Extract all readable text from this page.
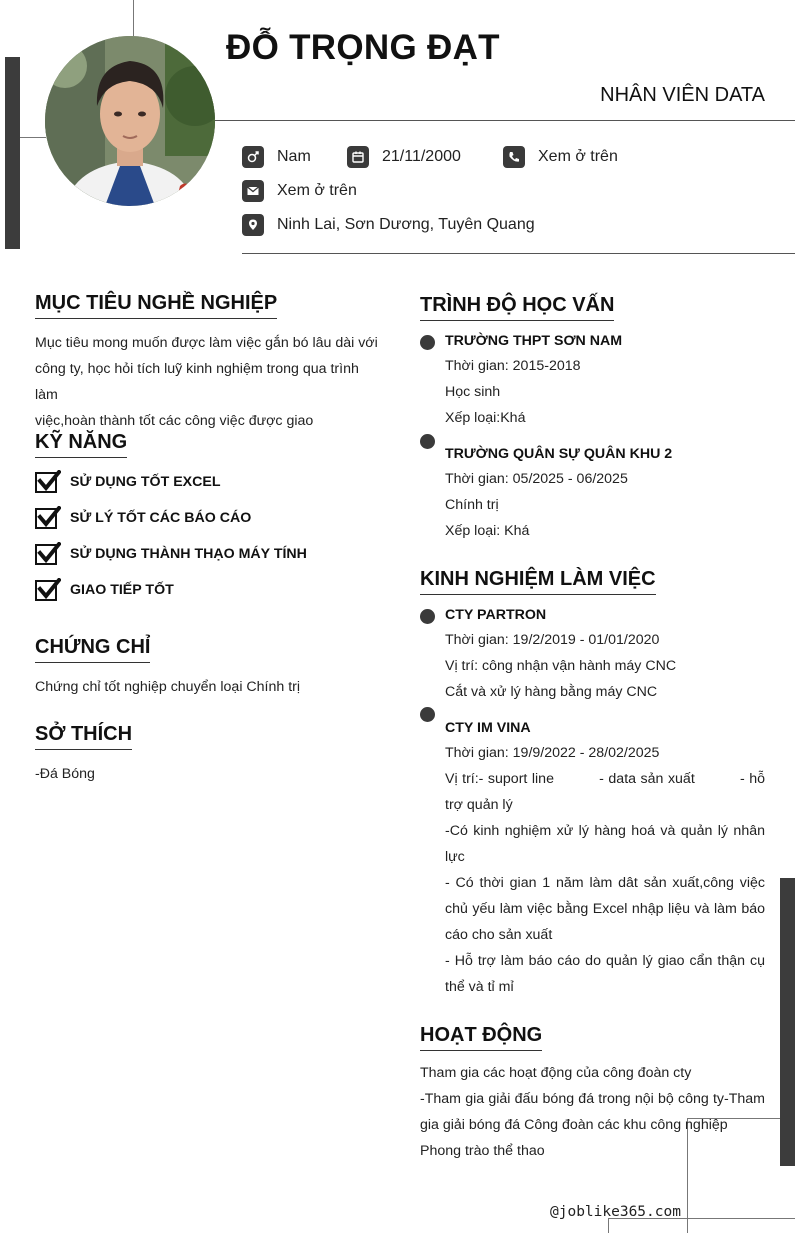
ĐỖ TRỌNG ĐẠT
NHÂN VIÊN DATA
Nam	21/11/2000	Xem ở trên
Xem ở trên
Ninh Lai, Sơn Dương, Tuyên Quang
MỤC TIÊU NGHỀ NGHIỆP
Mục tiêu mong muốn được làm việc gắn bó lâu dài với
công ty, học hỏi tích luỹ kinh nghiệm trong qua trình làm
việc,hoàn thành tốt các công việc được giao
KỸ NĂNG
SỬ DỤNG TỐT EXCEL
SỬ LÝ TỐT CÁC BÁO CÁO
SỬ DỤNG THÀNH THẠO MÁY TÍNH
GIAO TIẾP TỐT
CHỨNG CHỈ
Chứng chỉ tốt nghiệp chuyển loại Chính trị
SỞ THÍCH
-Đá Bóng
TRÌNH ĐỘ HỌC VẤN
TRƯỜNG THPT SƠN NAM
Thời gian: 2015-2018
Học sinh
Xếp loại:Khá
TRƯỜNG QUÂN SỰ QUÂN KHU 2
Thời gian: 05/2025 - 06/2025
Chính trị
Xếp loại: Khá
KINH NGHIỆM LÀM VIỆC
CTY PARTRON
Thời gian: 19/2/2019 - 01/01/2020
Vị trí: công nhận vận hành máy CNC
Cắt và xử lý hàng bằng máy CNC
CTY IM VINA
Thời gian: 19/9/2022 - 28/02/2025
Vị trí:- suport line          - data sản xuất          - hỗ trợ quản lý
-Có kinh nghiệm xử lý hàng hoá và quản lý nhân lực
- Có thời gian 1 năm làm dât sản xuất,công việc chủ yếu làm việc bằng Excel nhập liệu và làm báo cáo cho sản xuất
- Hỗ trợ làm báo cáo do quản lý giao cẩn thận cụ thể và tỉ mỉ
HOẠT ĐỘNG
Tham gia các hoạt động của công đoàn cty
-Tham gia giải đấu bóng đá trong nội bộ công ty-Tham gia giải bóng đá Công đoàn các khu công nghiệp
Phong trào thể thao
@joblike365.com
